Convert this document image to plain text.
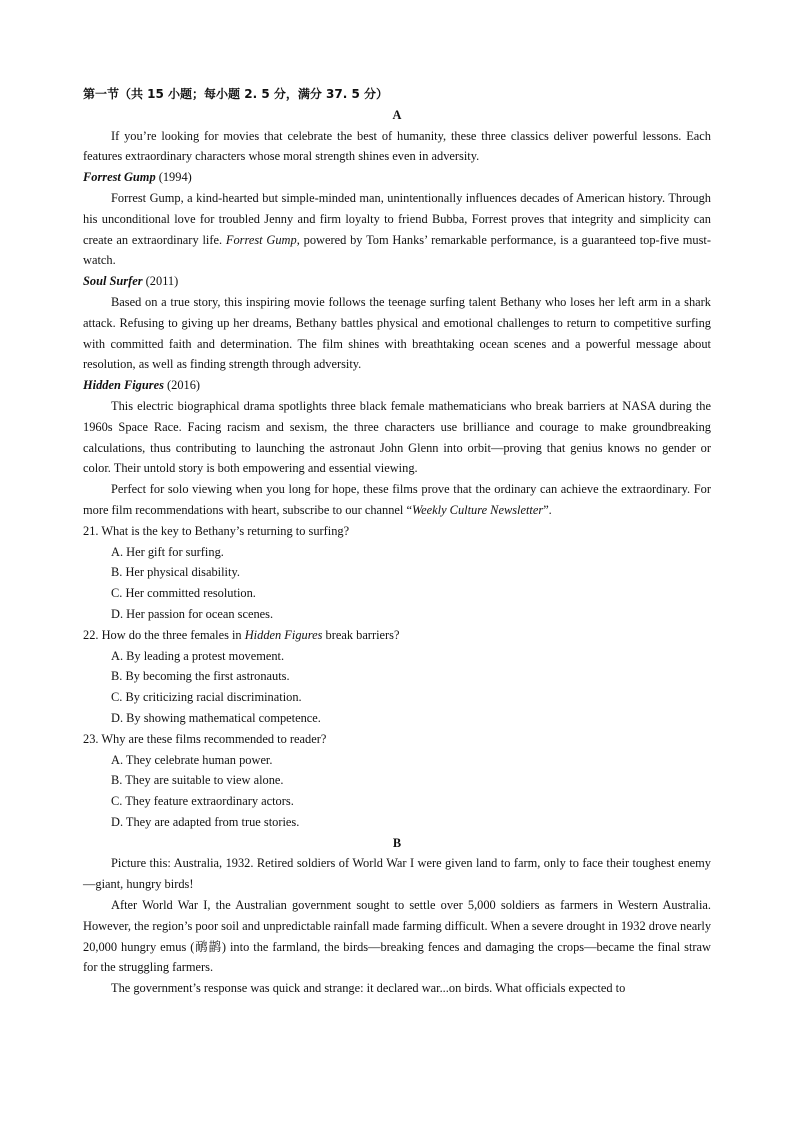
第一节（共 15 小题；每小题 2. 5 分，满分 37. 5 分）
A

If you’re looking for movies that celebrate the best of humanity, these three classics deliver powerful lessons. Each features extraordinary characters whose moral strength shines even in adversity.

Forrest Gump (1994)

Forrest Gump, a kind-hearted but simple-minded man, unintentionally influences decades of American history. Through his unconditional love for troubled Jenny and firm loyalty to friend Bubba, Forrest proves that integrity and simplicity can create an extraordinary life. Forrest Gump, powered by Tom Hanks’ remarkable performance, is a guaranteed top-five must-watch.

Soul Surfer (2011)

Based on a true story, this inspiring movie follows the teenage surfing talent Bethany who loses her left arm in a shark attack. Refusing to giving up her dreams, Bethany battles physical and emotional challenges to return to competitive surfing with committed faith and determination. The film shines with breathtaking ocean scenes and a powerful message about resolution, as well as finding strength through adversity.

Hidden Figures (2016)

This electric biographical drama spotlights three black female mathematicians who break barriers at NASA during the 1960s Space Race. Facing racism and sexism, the three characters use brilliance and courage to make groundbreaking calculations, thus contributing to launching the astronaut John Glenn into orbit—proving that genius knows no gender or color. Their untold story is both empowering and essential viewing.

Perfect for solo viewing when you long for hope, these films prove that the ordinary can achieve the extraordinary. For more film recommendations with heart, subscribe to our channel “Weekly Culture Newsletter”.

21. What is the key to Bethany’s returning to surfing?

A. Her gift for surfing.

B. Her physical disability.

C. Her committed resolution.

D. Her passion for ocean scenes.

22. How do the three females in Hidden Figures break barriers?

A. By leading a protest movement.

B. By becoming the first astronauts.

C. By criticizing racial discrimination.

D. By showing mathematical competence.

23. Why are these films recommended to reader?

A. They celebrate human power.

B. They are suitable to view alone.

C. They feature extraordinary actors.

D. They are adapted from true stories.

B

Picture this: Australia, 1932. Retired soldiers of World War I were given land to farm, only to face their toughest enemy—giant, hungry birds!

After World War I, the Australian government sought to settle over 5,000 soldiers as farmers in Western Australia. However, the region’s poor soil and unpredictable rainfall made farming difficult. When a severe drought in 1932 drove nearly 20,000 hungry emus (鸸鹋) into the farmland, the birds—breaking fences and damaging the crops—became the final straw for the struggling farmers.

The government’s response was quick and strange: it declared war...on birds. What officials expected to
